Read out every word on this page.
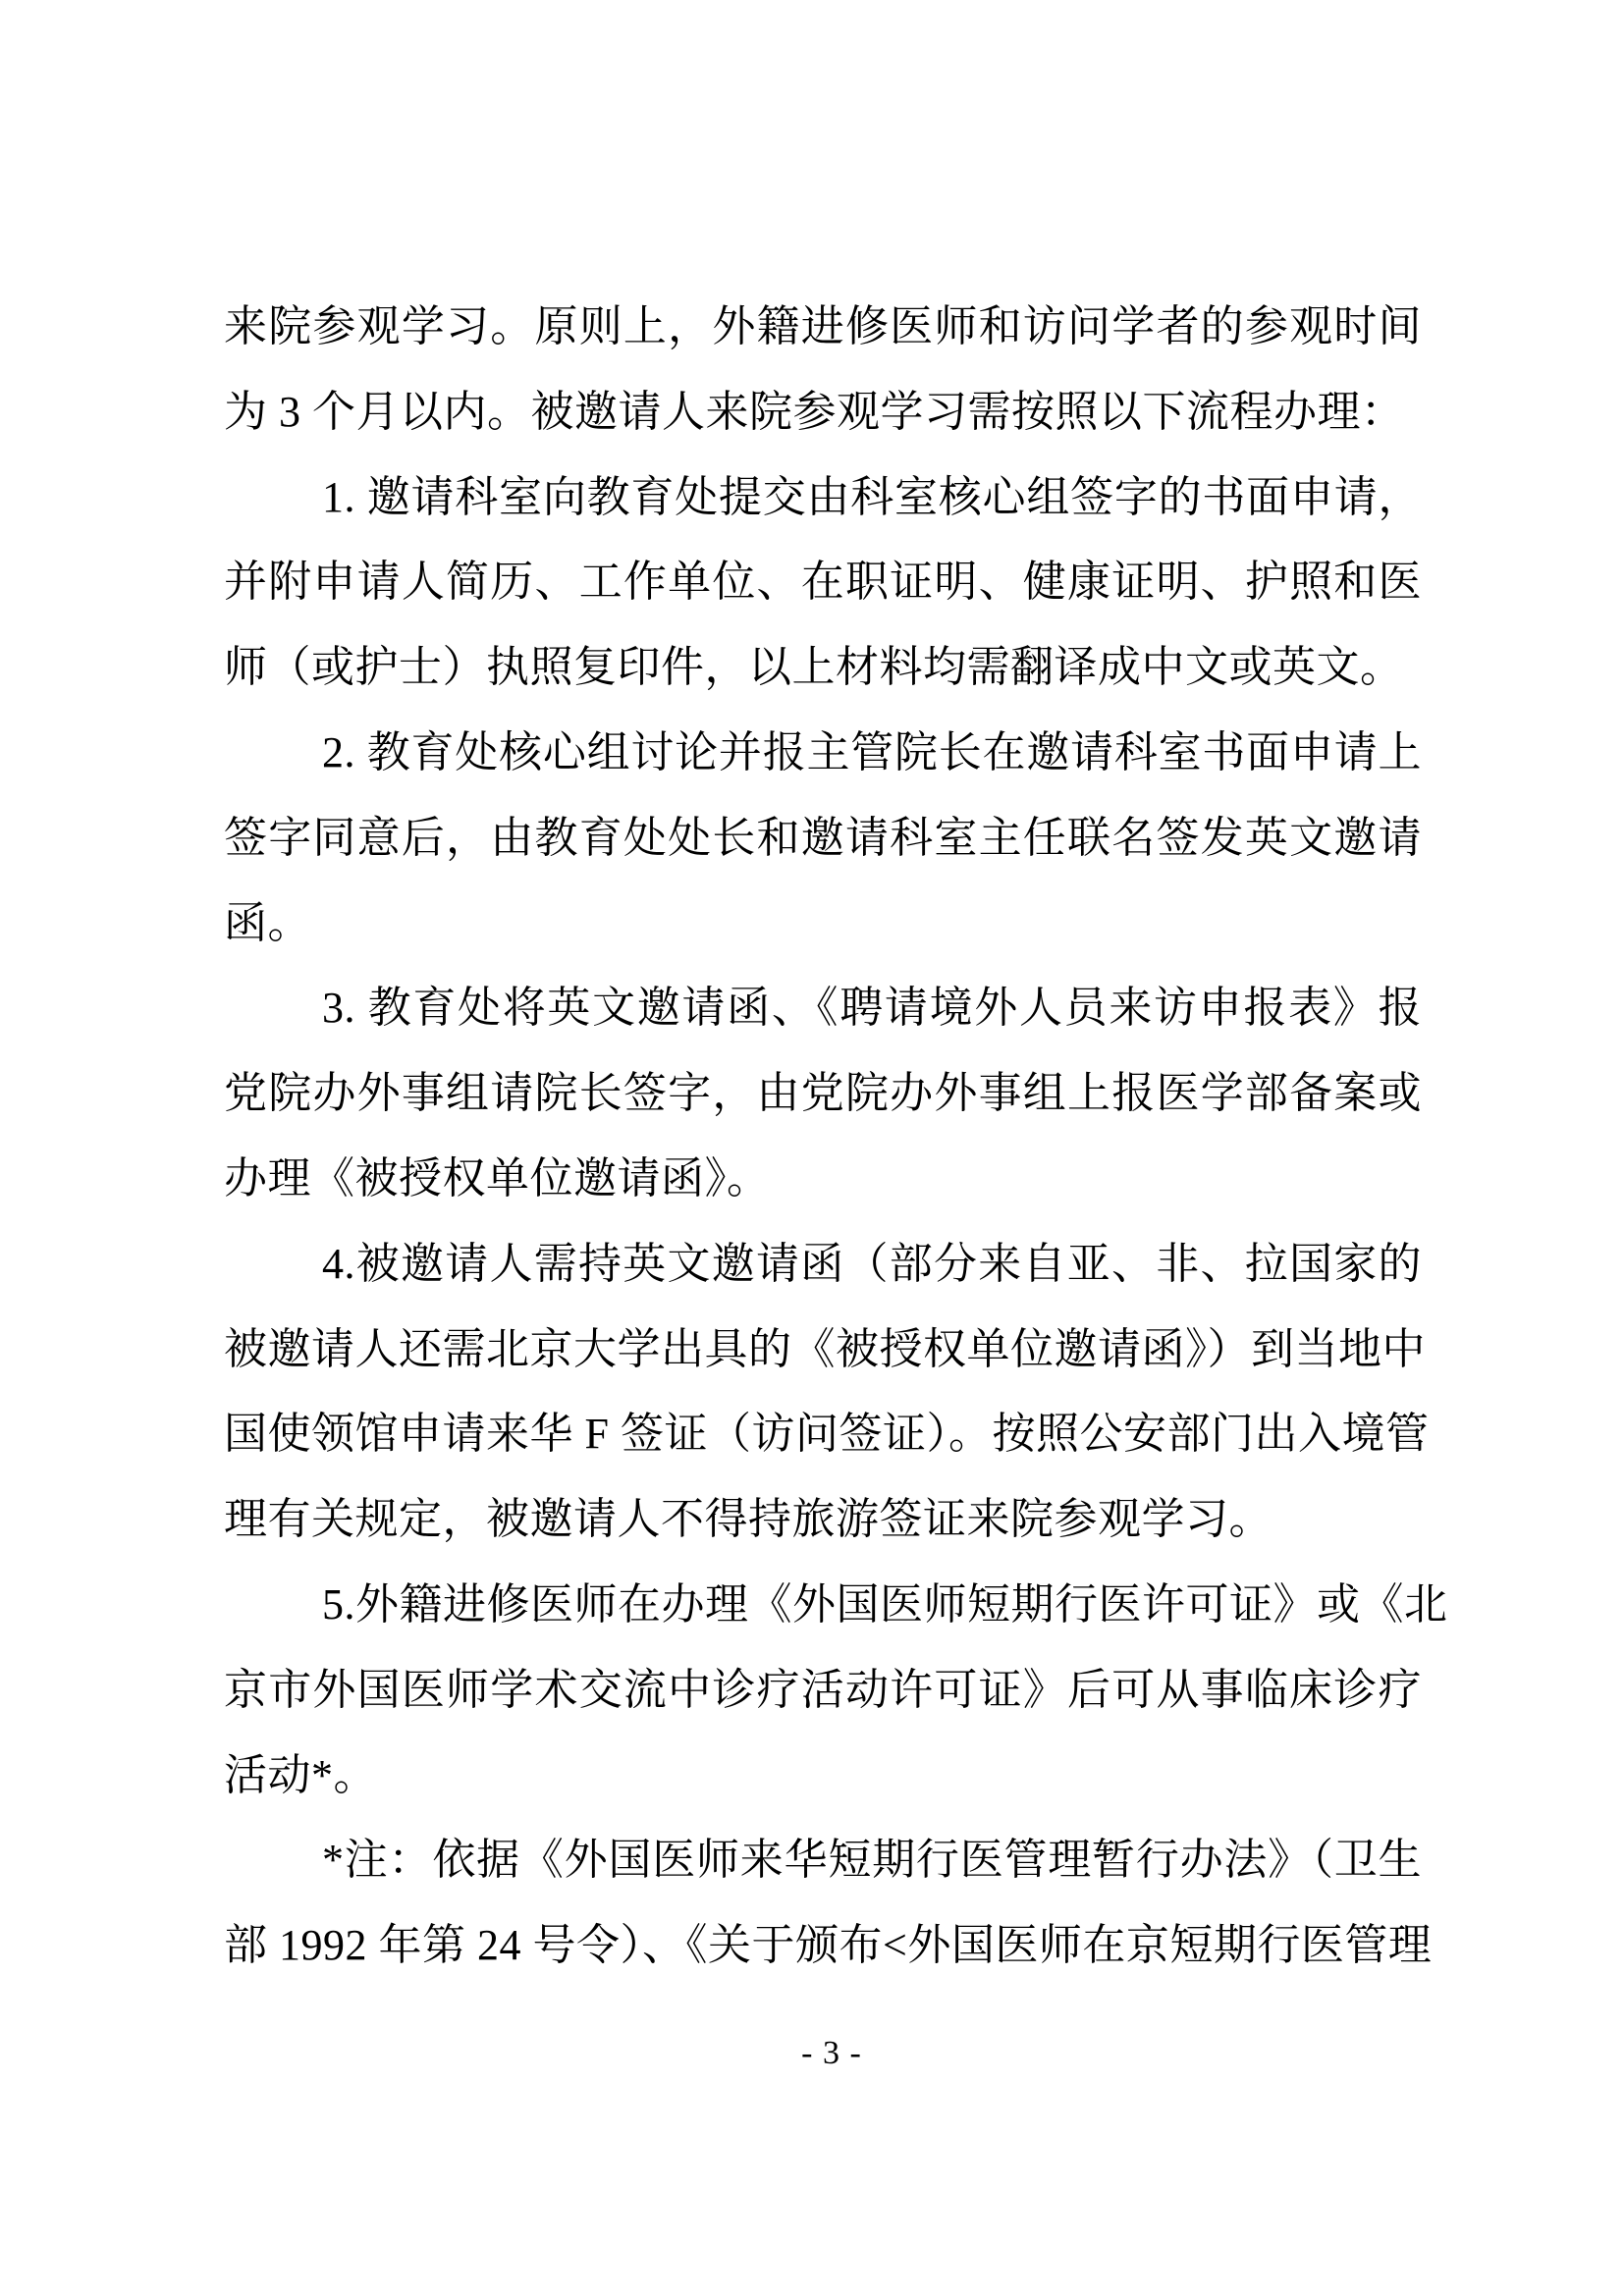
来院参观学习。原则上，外籍进修医师和访问学者的参观时间
为 3 个月以内。被邀请人来院参观学习需按照以下流程办理：
1. 邀请科室向教育处提交由科室核心组签字的书面申请，
并附申请人简历、工作单位、在职证明、健康证明、护照和医
师（或护士）执照复印件，以上材料均需翻译成中文或英文。
2. 教育处核心组讨论并报主管院长在邀请科室书面申请上
签字同意后，由教育处处长和邀请科室主任联名签发英文邀请
函。
3. 教育处将英文邀请函、《聘请境外人员来访申报表》报
党院办外事组请院长签字，由党院办外事组上报医学部备案或
办理《被授权单位邀请函》。
4.被邀请人需持英文邀请函（部分来自亚、非、拉国家的
被邀请人还需北京大学出具的《被授权单位邀请函》）到当地中
国使领馆申请来华 F 签证（访问签证）。按照公安部门出入境管
理有关规定，被邀请人不得持旅游签证来院参观学习。
5.外籍进修医师在办理《外国医师短期行医许可证》或《北
京市外国医师学术交流中诊疗活动许可证》后可从事临床诊疗
活动*。
*注：依据《外国医师来华短期行医管理暂行办法》（卫生
部 1992 年第 24 号令）、《关于颁布<外国医师在京短期行医管理
- 3 -
